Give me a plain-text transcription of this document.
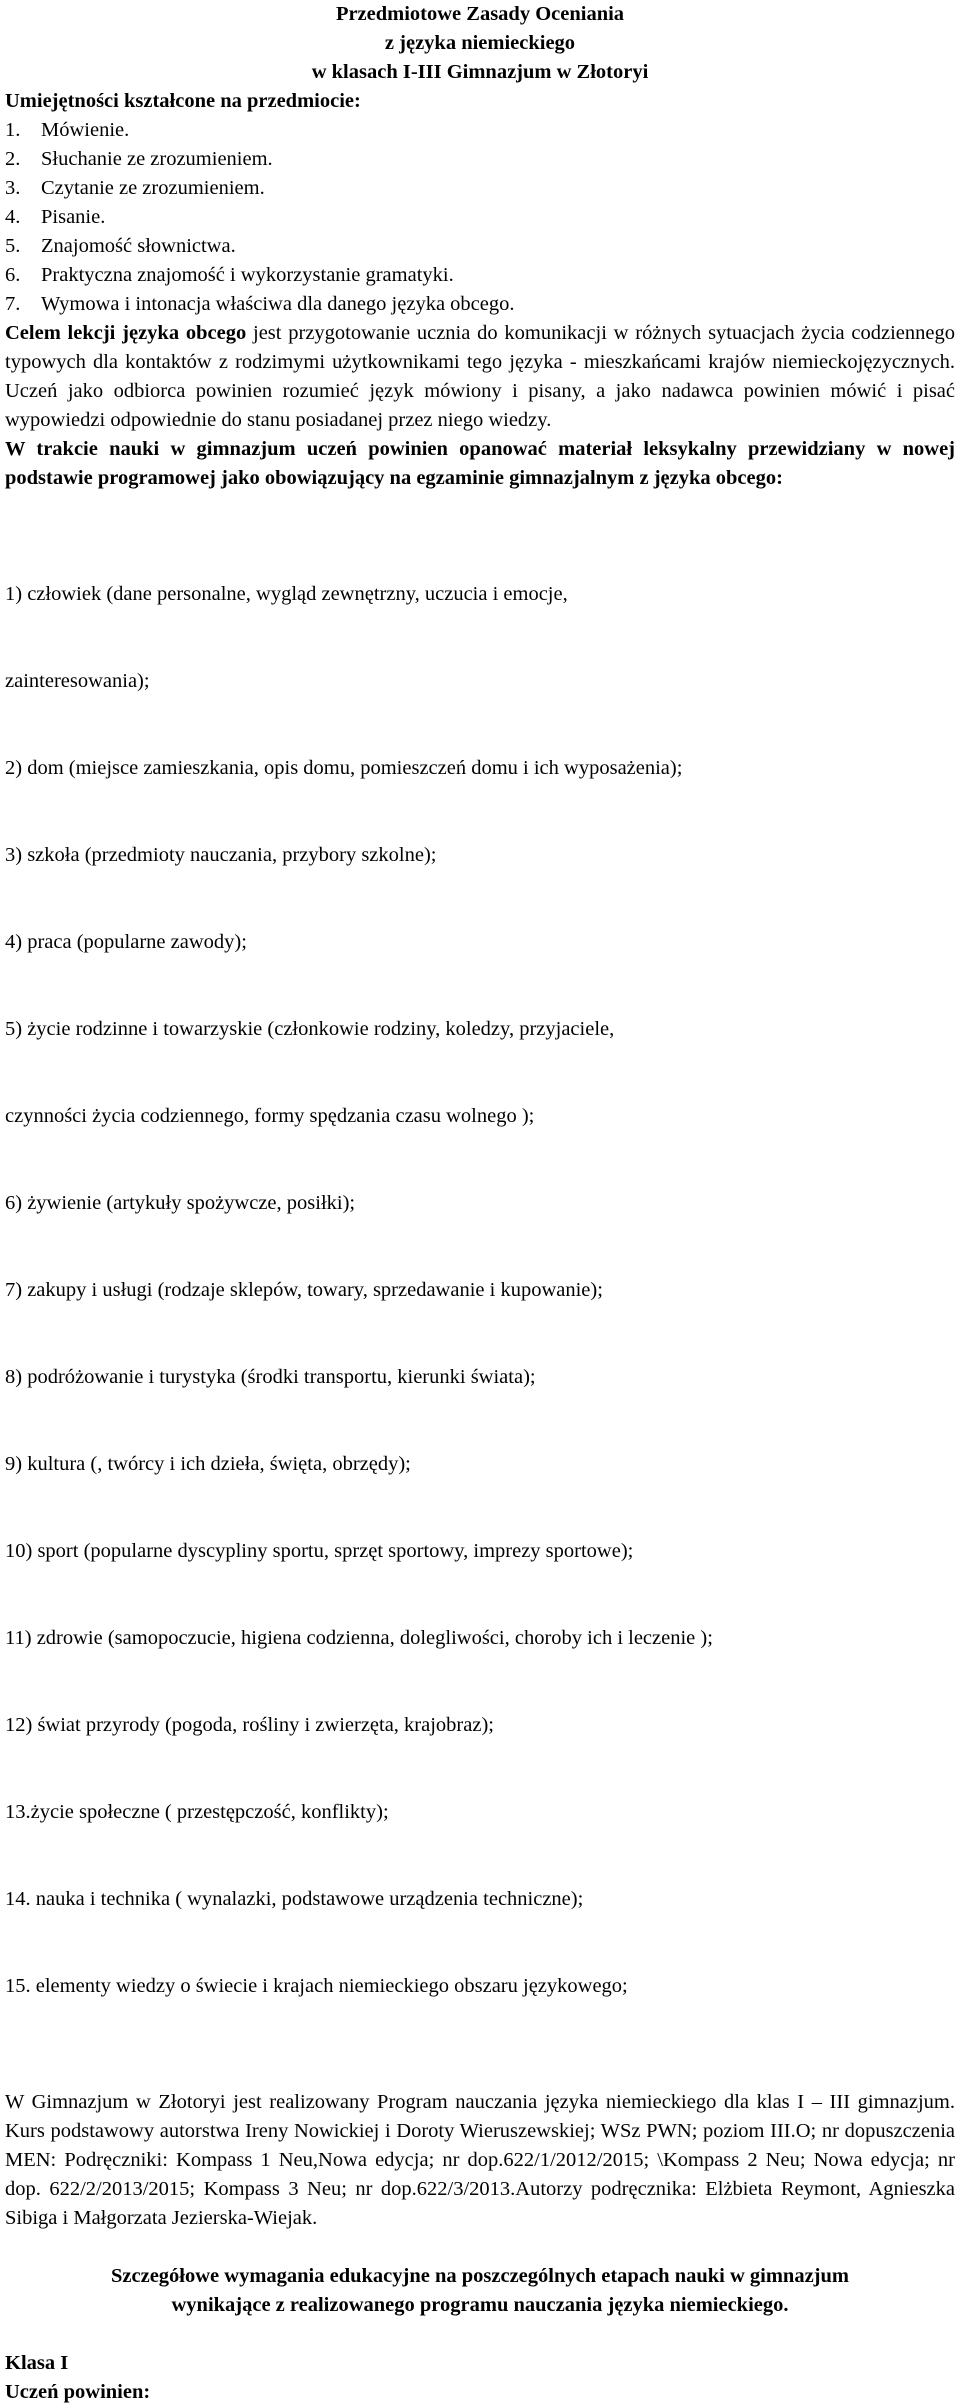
Przedmiotowe Zasady Oceniania
z języka niemieckiego
w klasach I-III Gimnazjum w Złotoryi
Umiejętności kształcone na przedmiocie:
1. Mówienie.
2. Słuchanie ze zrozumieniem.
3. Czytanie ze zrozumieniem.
4. Pisanie.
5. Znajomość słownictwa.
6. Praktyczna znajomość i wykorzystanie gramatyki.
7. Wymowa i intonacja właściwa dla danego języka obcego.

Celem lekcji języka obcego jest przygotowanie ucznia do komunikacji w różnych sytuacjach życia codziennego typowych dla kontaktów z rodzimymi użytkownikami tego języka - mieszkańcami krajów niemieckojęzycznych. Uczeń jako odbiorca powinien rozumieć język mówiony i pisany, a jako nadawca powinien mówić i pisać wypowiedzi odpowiednie do stanu posiadanej przez niego wiedzy.

W trakcie nauki w gimnazjum uczeń powinien opanować materiał leksykalny przewidziany w nowej podstawie programowej jako obowiązujący na egzaminie gimnazjalnym z języka obcego:

1) człowiek (dane personalne, wygląd zewnętrzny, uczucia i emocje,

zainteresowania);

2) dom (miejsce zamieszkania, opis domu, pomieszczeń domu i ich wyposażenia);

3) szkoła (przedmioty nauczania, przybory szkolne);

4) praca (popularne zawody);

5) życie rodzinne i towarzyskie (członkowie rodziny, koledzy, przyjaciele,

czynności życia codziennego, formy spędzania czasu wolnego );

6) żywienie (artykuły spożywcze, posiłki);

7) zakupy i usługi (rodzaje sklepów, towary, sprzedawanie i kupowanie);

8) podróżowanie i turystyka (środki transportu, kierunki świata);

9) kultura (, twórcy i ich dzieła, święta, obrzędy);

10) sport (popularne dyscypliny sportu, sprzęt sportowy, imprezy sportowe);

11) zdrowie (samopoczucie, higiena codzienna, dolegliwości, choroby ich i leczenie );

12) świat przyrody (pogoda, rośliny i zwierzęta, krajobraz);

13.życie społeczne ( przestępczość, konflikty);

14. nauka i technika ( wynalazki, podstawowe urządzenia techniczne);

15. elementy wiedzy o świecie i krajach niemieckiego obszaru językowego;

W Gimnazjum w Złotoryi jest realizowany Program nauczania języka niemieckiego dla klas I – III gimnazjum. Kurs podstawowy autorstwa Ireny Nowickiej i Doroty Wieruszewskiej; WSz PWN; poziom III.O; nr dopuszczenia MEN: Podręczniki: Kompass 1 Neu,Nowa edycja; nr dop.622/1/2012/2015; \Kompass 2 Neu; Nowa edycja; nr dop. 622/2/2013/2015; Kompass 3 Neu; nr dop.622/3/2013.Autorzy podręcznika: Elżbieta Reymont, Agnieszka Sibiga i Małgorzata Jezierska-Wiejak.

Szczegółowe wymagania edukacyjne na poszczególnych etapach nauki w gimnazjum
wynikające z realizowanego programu nauczania języka niemieckiego.
Klasa I
Uczeń powinien:
